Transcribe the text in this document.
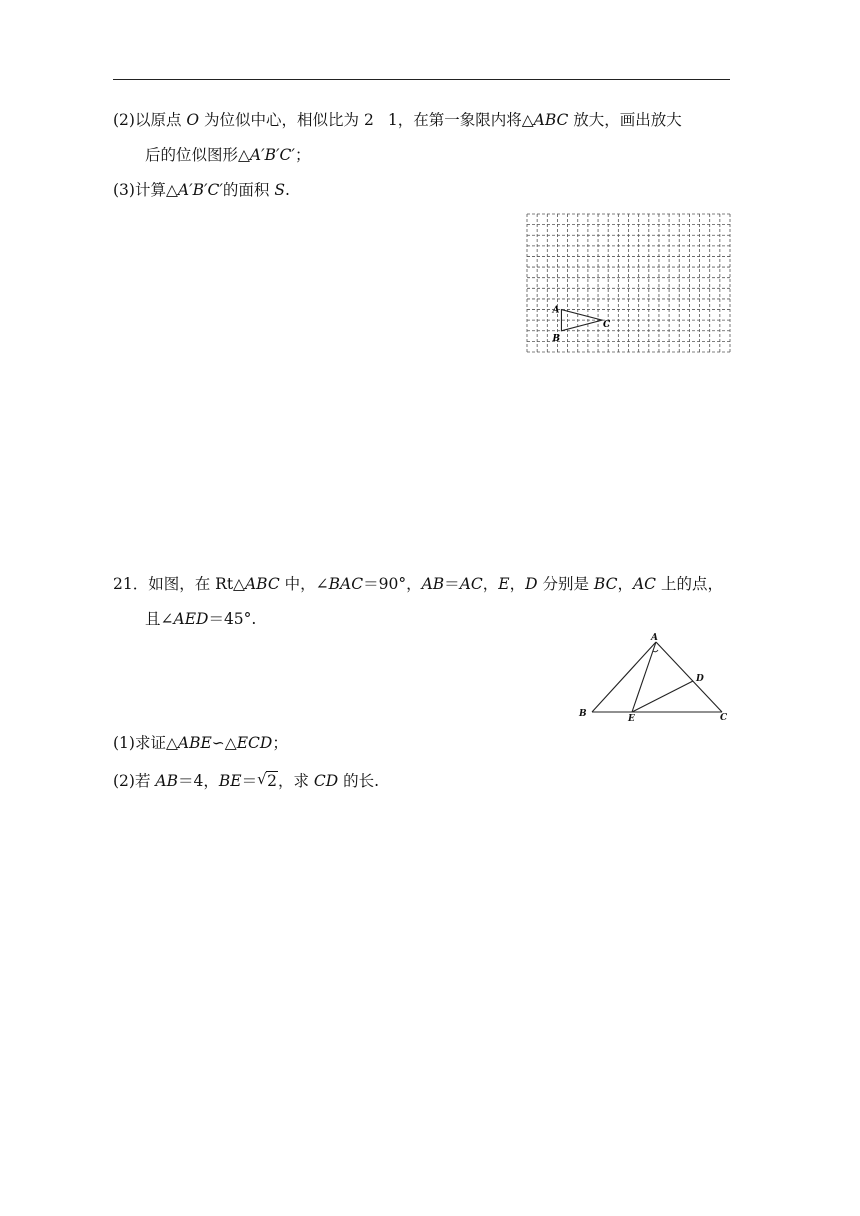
(2)以原点 O 为位似中心，相似比为 2 1，在第一象限内将△ABC 放大，画出放大
后的位似图形△A′B′C′；
(3)计算△A′B′C′的面积 S.
A
B
C
21．如图，在 Rt△ABC 中，∠BAC＝90°，AB＝AC，E，D 分别是 BC，AC 上的点，
且∠AED＝45°.
A
B	C
D
E
(1)求证△ABE∽△ECD；
(2)若 AB＝4，BE＝ √ 2，求 CD 的长.
